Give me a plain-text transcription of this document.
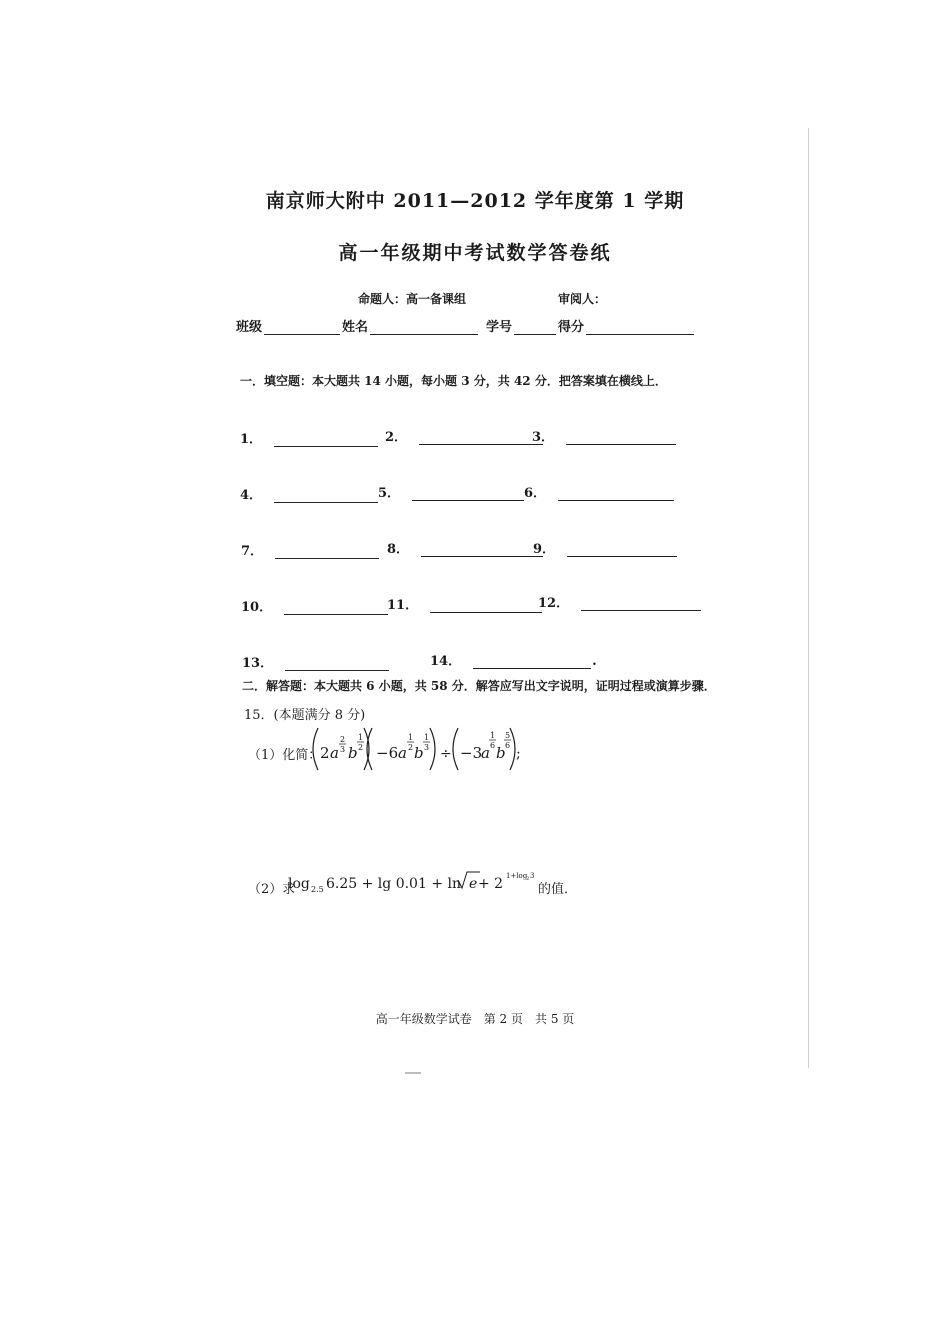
南京师大附中 2011—2012 学年度第 1 学期
高一年级期中考试数学答卷纸
命题人：高一备课组	审阅人：
班级	姓名	学号	得分
一．填空题：本大题共 14 小题，每小题 3 分，共 42 分．把答案填在横线上．
1．	2．	3．
4．	5．	6．
7．	8．	9．
10．	11．	12．
13．	14．	.
二．解答题：本大题共 6 小题，共 58 分．解答应写出文字说明，证明过程或演算步骤．
15．(本题满分 8 分)
（1）化简：
2 a
2
3 b
1
2 −6 a
1
2 b
1
3 ÷ −3
a
1
6 b
5
6
;
（2）求
log 2.5 6.25 + lg 0.01 + ln e + 2 1+log
2 3
的值．
高一年级数学试卷　第 2 页　共 5 页
